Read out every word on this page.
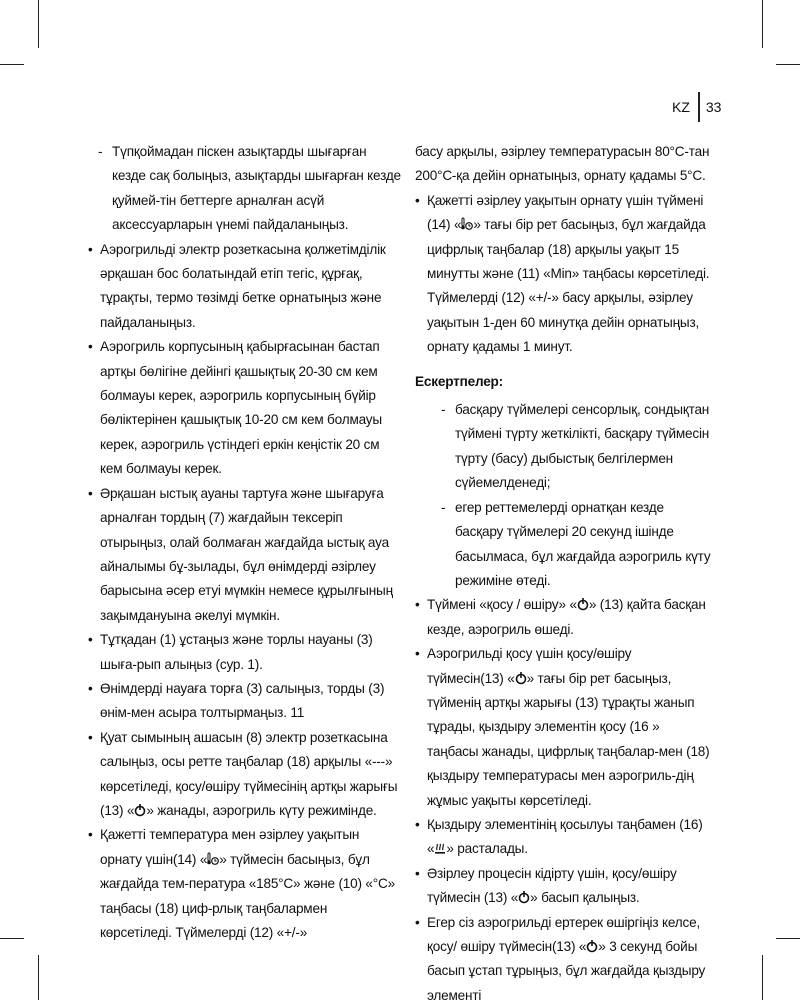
KZ 33
- Түпқоймадан піскен азықтарды шығарған кезде сақ болыңыз, азықтарды шығарған кезде қуймей-тін беттерге арналған асүй аксессуарларын үнемі пайдаланыңыз.
• Аэрогрильді электр розеткасына қолжетімділік әрқашан бос болатындай етіп тегіс, құрғақ, тұрақты, термо төзімді бетке орнатыңыз және пайдаланыңыз.
• Аэрогриль корпусының қабырғасынан бастап артқы бөлігіне дейінгі қашықтық 20-30 см кем болмауы керек, аэрогриль корпусының бүйір бөліктерінен қашықтық 10-20 см кем болмауы керек, аэрогриль үстіндегі еркін кеңістік 20 см кем болмауы керек.
• Әрқашан ыстық ауаны тартуға және шығаруға арналған тордың (7) жағдайын тексеріп отырыңыз, олай болмаған жағдайда ыстық ауа айналымы бұ-зылады, бұл өнімдерді әзірлеу барысына әсер етуі мүмкін немесе құрылғының зақымдануына әкелуі мүмкін.
• Тұтқадан (1) ұстаңыз және торлы науаны (3) шыға-рып алыңыз (сур. 1).
• Өнімдерді науаға торға (3) салыңыз, торды (3) өнім-мен асыра толтырмаңыз. 11
• Қуат сымының ашасын (8) электр розеткасына салыңыз, осы ретте таңбалар (18) арқылы «---» көрсетіледі, қосу/өшіру түймесінің артқы жарығы (13) « » жанады, аэрогриль күту режимінде.
• Қажетті температура мен әзірлеу уақытын орнату үшін(14) « » түймесін басыңыз, бұл жағдайда тем-пература «185°С» және (10) «°С» таңбасы (18) циф-рлық таңбалармен көрсетіледі. Түймелерді (12) «+/-»
басу арқылы, әзірлеу температурасын 80°С-тан 200°С-қа дейін орнатыңыз, орнату қадамы 5°С.
• Қажетті әзірлеу уақытын орнату үшін түймені (14) « » тағы бір рет басыңыз, бұл жағдайда цифрлық таңбалар (18) арқылы уақыт 15 минутты және (11) «Min» таңбасы көрсетіледі. Түймелерді (12) «+/-» басу арқылы, әзірлеу уақытын 1-ден 60 минутқа дейін орнатыңыз, орнату қадамы 1 минут.
Ескертпелер:
- басқару түймелері сенсорлық, сондықтан түймені түрту жеткілікті, басқару түймесін түрту (басу) дыбыстық белгілермен сүйемелденеді;
- егер реттемелерді орнатқан кезде басқару түймелері 20 секунд ішінде басылмаса, бұл жағдайда аэрогриль күту режиміне өтеді.
• Түймені «қосу / өшіру» « » (13) қайта басқан кезде, аэрогриль өшеді.
• Аэрогрильді қосу үшін қосу/өшіру түймесін(13) « » тағы бір рет басыңыз, түйменің артқы жарығы (13) тұрақты жанып тұрады, қыздыру элементін қосу (16 » таңбасы жанады, цифрлық таңбалар-мен (18) қыздыру температурасы мен аэрогриль-дің жұмыс уақыты көрсетіледі.
• Қыздыру элементінің қосылуы таңбамен (16) « » расталады.
• Әзірлеу процесін кідірту үшін, қосу/өшіру түймесін (13) « » басып қалыңыз.
• Егер сіз аэрогрильді ертерек өшіргіңіз келсе, қосу/ өшіру түймесін(13) « » 3 секунд бойы басып ұстап тұрыңыз, бұл жағдайда қыздыру элементі
